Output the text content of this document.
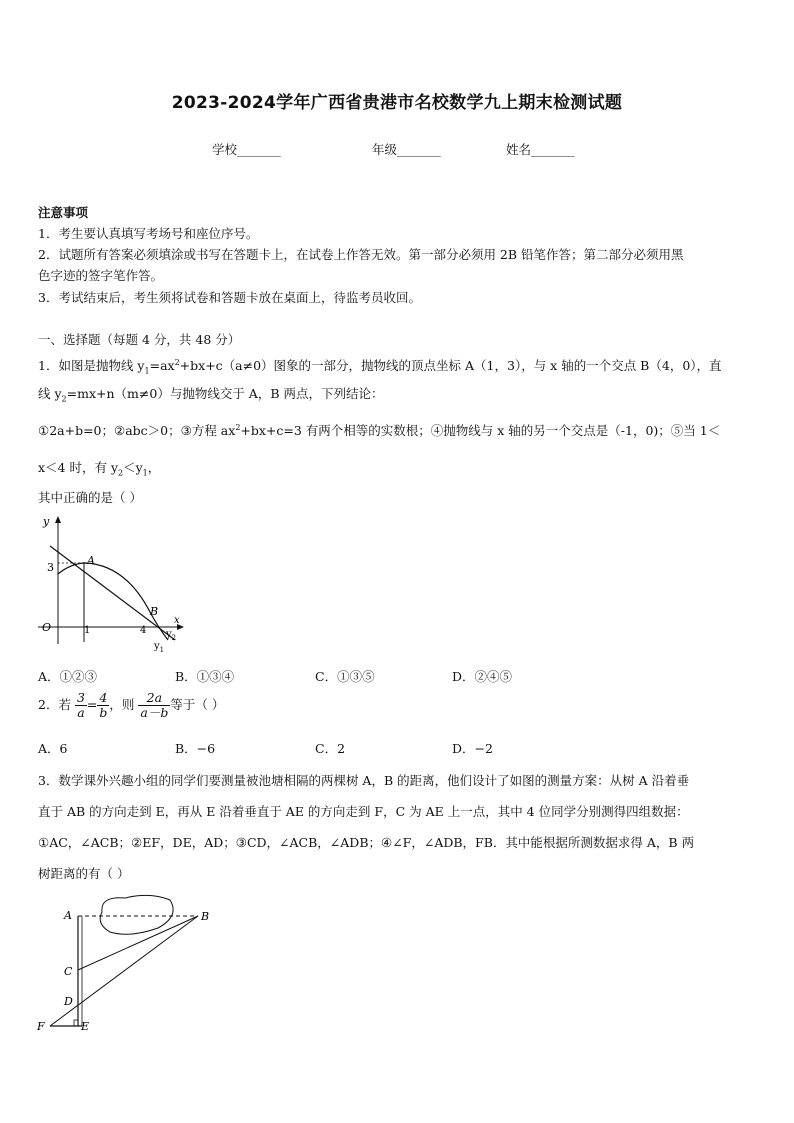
2023-2024学年广西省贵港市名校数学九上期末检测试题
学校_______	年级_______	姓名_______
注意事项
1．考生要认真填写考场号和座位序号。
2．试题所有答案必须填涂或书写在答题卡上，在试卷上作答无效。第一部分必须用 2B 铅笔作答；第二部分必须用黑
色字迹的签字笔作答。
3．考试结束后，考生须将试卷和答题卡放在桌面上，待监考员收回。
一、选择题（每题 4 分，共 48 分）
1．如图是抛物线 $y_1=ax^2+bx+c(a\ne 0)$图象的一部分，抛物线的顶点坐标 A（1，3），与 x 轴的一个交点 B（4，0），直
线 $y_2=mx+n(m\ne 0)$与抛物线交于 A，B 两点，下列结论：
①2a+b=0；②abc＞0；③方程 $ax^2+bx+c=3$ 有两个相等的实数根；④抛物线与 x 轴的另一个交点是（-1，0)；⑤当 1＜
x＜4 时，有 $y_2<y_1$，
其中正确的是（ ）
y
x
O
3
1	4
A
B
$y_2$
$y_1$
A．①②③	B．①③④	C．①③⑤	D．②④⑤
2．若 $\frac{3}{a} = \frac{4}{b}$ ，则 $\frac{2a}{a-b}$ 等于（ ）
A．6	B．−6	C．2	D．−2
3．数学课外兴趣小组的同学们要测量被池塘相隔的两棵树 A，B 的距离，他们设计了如图的测量方案：从树 A 沿着垂
直于 AB 的方向走到 E，再从 E 沿着垂直于 AE 的方向走到 F，C 为 AE 上一点，其中 4 位同学分别测得四组数据：
①AC，∠ACB；②EF，DE，AD；③CD，∠ACB，∠ADB；④∠F，∠ADB，FB．其中能根据所测数据求得 A，B 两
树距离的有（ ）
A	B
C
D
E
F
